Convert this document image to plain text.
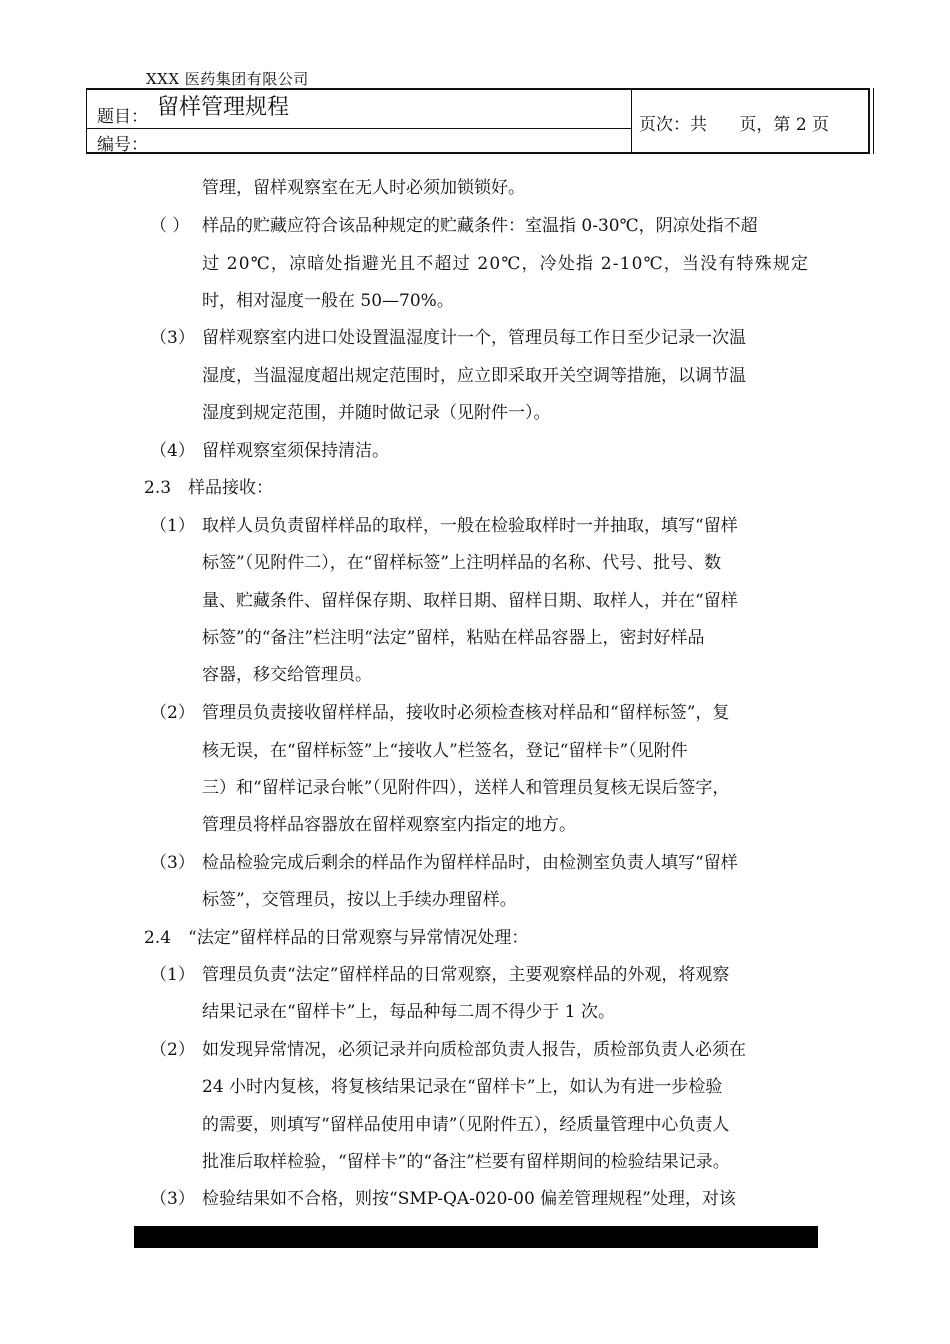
XXX 医药集团有限公司
题目： 留样管理规程
编号：
页次：共      页，第 2 页
管理，留样观察室在无人时必须加锁锁好。
（ ） 样品的贮藏应符合该品种规定的贮藏条件：室温指 0-30℃，阴凉处指不超
过 20℃，凉暗处指避光且不超过 20℃，冷处指 2-10℃，当没有特殊规定
时，相对湿度一般在 50—70%。
（3） 留样观察室内进口处设置温湿度计一个，管理员每工作日至少记录一次温
湿度，当温湿度超出规定范围时，应立即采取开关空调等措施，以调节温
湿度到规定范围，并随时做记录（见附件一）。
（4） 留样观察室须保持清洁。
2.3 样品接收：
（1） 取样人员负责留样样品的取样，一般在检验取样时一并抽取，填写“留样
标签”（见附件二），在“留样标签”上注明样品的名称、代号、批号、数
量、贮藏条件、留样保存期、取样日期、留样日期、取样人，并在“留样
标签”的“备注”栏注明“法定”留样，粘贴在样品容器上，密封好样品
容器，移交给管理员。
（2） 管理员负责接收留样样品，接收时必须检查核对样品和“留样标签”，复
核无误，在“留样标签”上“接收人”栏签名，登记“留样卡”（见附件
三）和“留样记录台帐”（见附件四），送样人和管理员复核无误后签字，
管理员将样品容器放在留样观察室内指定的地方。
（3） 检品检验完成后剩余的样品作为留样样品时，由检测室负责人填写“留样
标签”，交管理员，按以上手续办理留样。
2.4 “法定”留样样品的日常观察与异常情况处理：
（1） 管理员负责“法定”留样样品的日常观察，主要观察样品的外观，将观察
结果记录在“留样卡”上，每品种每二周不得少于 1 次。
（2） 如发现异常情况，必须记录并向质检部负责人报告，质检部负责人必须在
24 小时内复核，将复核结果记录在“留样卡”上，如认为有进一步检验
的需要，则填写“留样品使用申请”（见附件五），经质量管理中心负责人
批准后取样检验，“留样卡”的“备注”栏要有留样期间的检验结果记录。
（3） 检验结果如不合格，则按“SMP-QA-020-00 偏差管理规程”处理，对该
